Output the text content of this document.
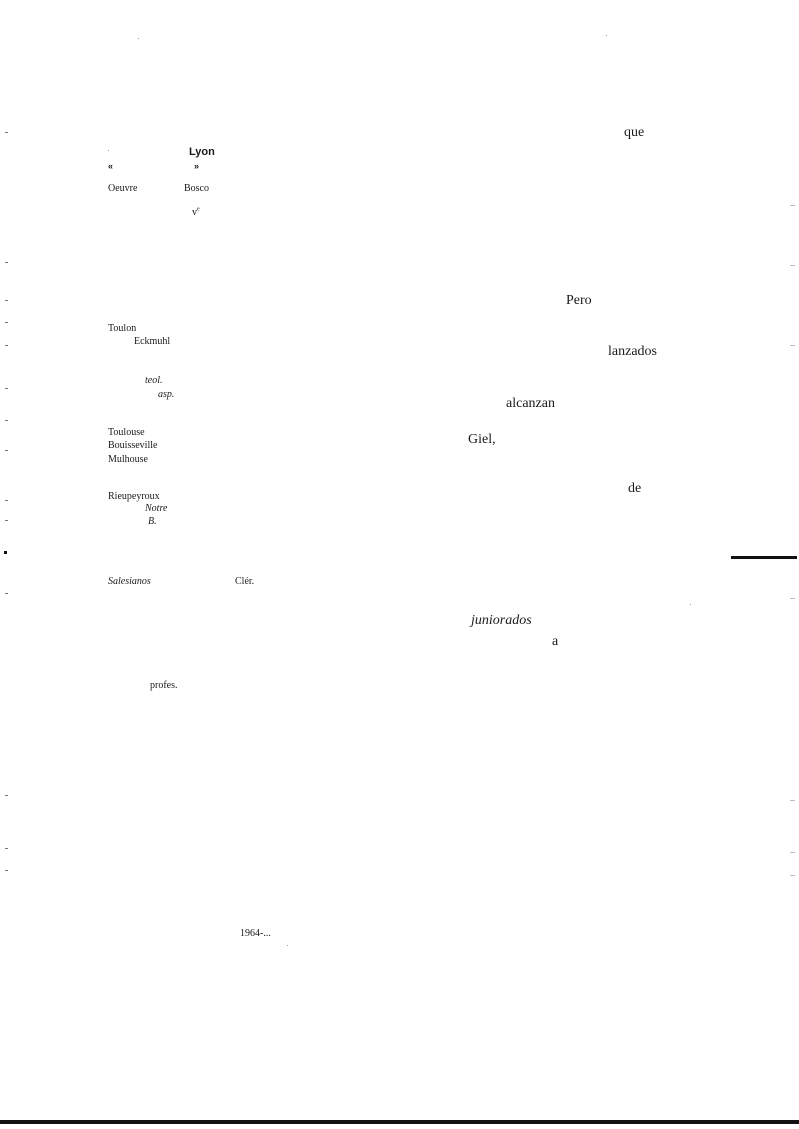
Lyon
«	»
Oeuvre	Bosco
$v^e$
Toulon
Eckmuhl
teol.
asp.
Toulouse
Bouisseville
Mulhouse
Rieupeyroux
Notre
B.
Salesianos	Clér.
profes.
1964-...
que
Pero
lanzados
alcanzan
Giel,
de
juniorados
a
